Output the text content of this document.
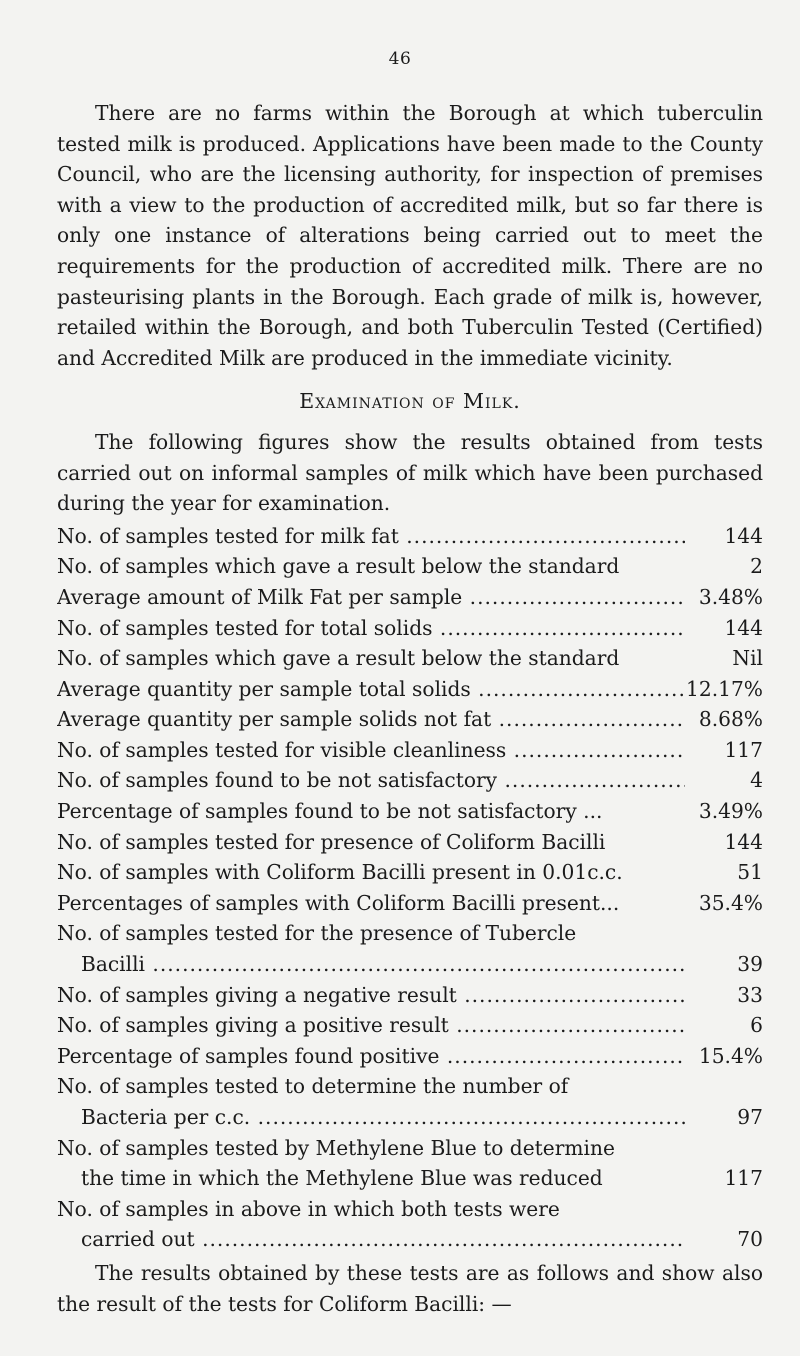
46

There are no farms within the Borough at which tuberculin tested milk is produced. Applications have been made to the County Council, who are the licensing authority, for inspection of premises with a view to the production of accredited milk, but so far there is only one instance of alterations being carried out to meet the requirements for the production of accredited milk. There are no pasteurising plants in the Borough. Each grade of milk is, however, retailed within the Borough, and both Tuberculin Tested (Certified) and Accredited Milk are produced in the immediate vicinity.

Examination of Milk.

The following figures show the results obtained from tests carried out on informal samples of milk which have been purchased during the year for examination.

No. of samples tested for milk fat .....	144
No. of samples which gave a result below the standard	2
Average amount of Milk Fat per sample .....	3.48%
No. of samples tested for total solids .....	144
No. of samples which gave a result below the standard	Nil
Average quantity per sample total solids .....	12.17%
Average quantity per sample solids not fat .....	8.68%
No. of samples tested for visible cleanliness .....	117
No. of samples found to be not satisfactory .....	4
Percentage of samples found to be not satisfactory ...	3.49%
No. of samples tested for presence of Coliform Bacilli	144
No. of samples with Coliform Bacilli present in 0.01c.c.	51
Percentages of samples with Coliform Bacilli present...	35.4%
No. of samples tested for the presence of Tubercle
Bacilli .....	39
No. of samples giving a negative result .....	33
No. of samples giving a positive result .....	6
Percentage of samples found positive .....	15.4%
No. of samples tested to determine the number of
Bacteria per c.c. .....	97
No. of samples tested by Methylene Blue to determine
the time in which the Methylene Blue was reduced	117
No. of samples in above in which both tests were
carried out .....	70

The results obtained by these tests are as follows and show also the result of the tests for Coliform Bacilli: —
